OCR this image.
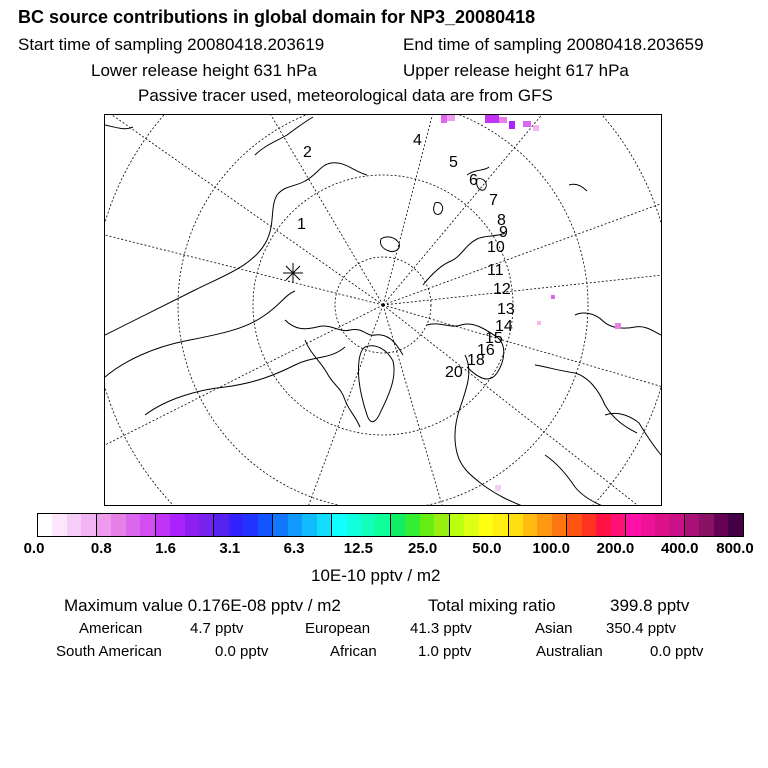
BC source contributions in global domain for NP3_20080418
Start time of sampling 20080418.203619	End time of sampling 20080418.203659
Lower release height 631 hPa	Upper release height 617 hPa
Passive tracer used, meteorological data are from GFS
1
2
4
5
6
7
8
9
10
11
12
13
14
15
16
18
20
0.0	0.8	1.6	3.1	6.3	12.5 25.0 50.0 100.0 200.0 400.0 800.0
10E-10 pptv / m2
Maximum value 0.176E-08 pptv / m2	Total mixing ratio	399.8 pptv
American	4.7 pptv	European	41.3 pptv	Asian 350.4 pptv
South American	0.0 pptv	African	1.0 pptv	Australian	0.0 pptv
